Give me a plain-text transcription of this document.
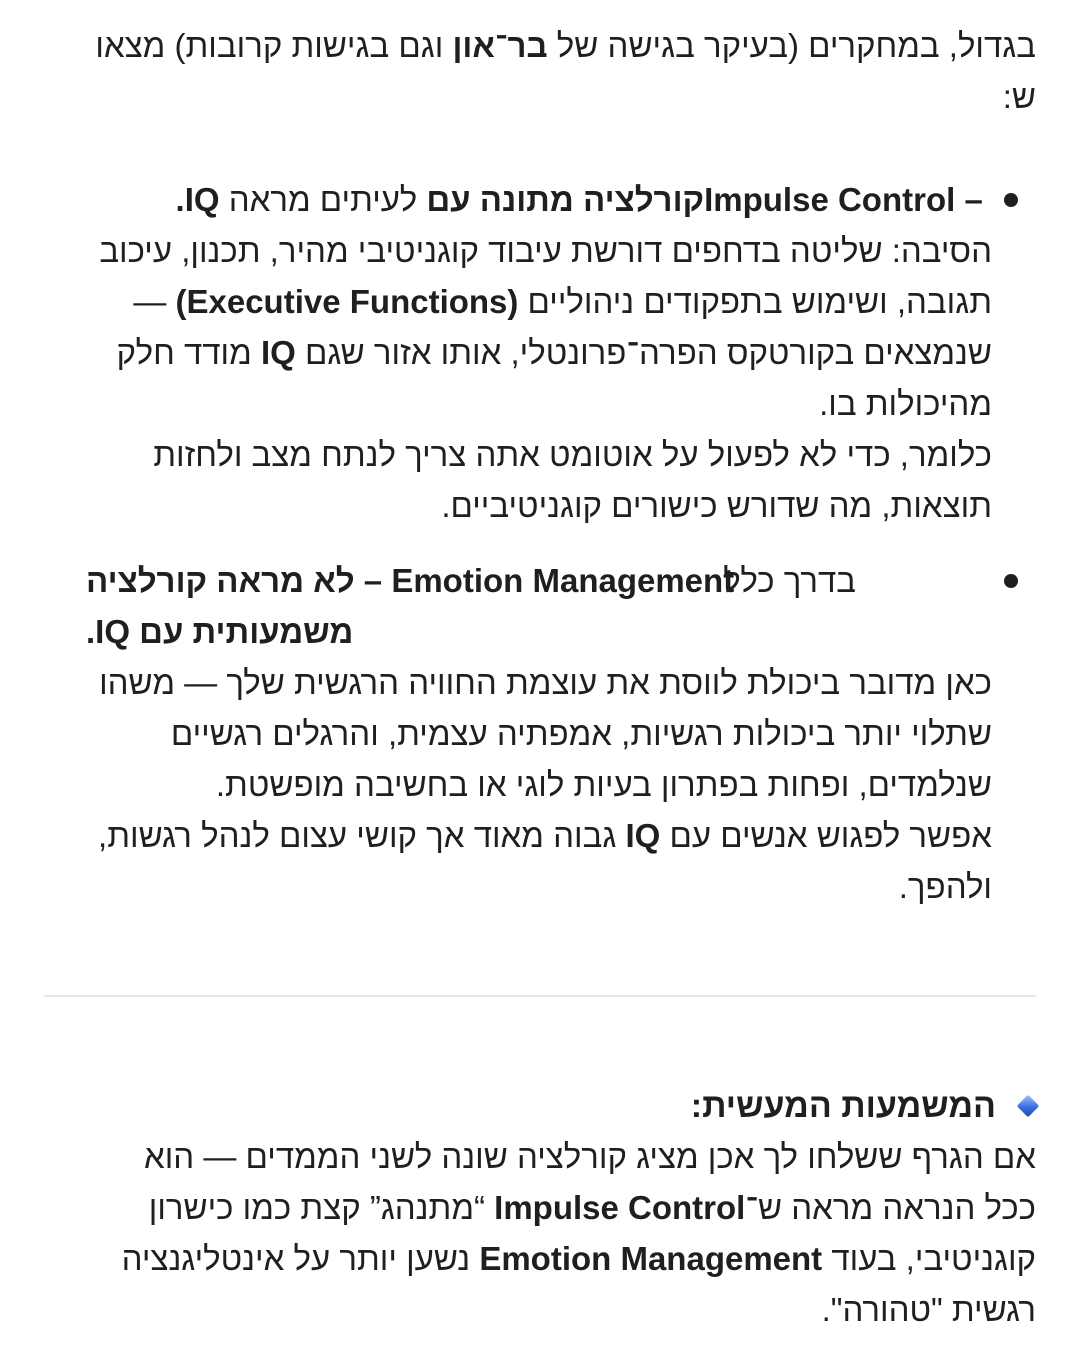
בגדול, במחקרים (בעיקר בגישה של בר־און וגם בגישות קרובות) מצאו
ש:
Impulse Control – קורלציה מתונה עם לעיתים מראה IQ.
הסיבה: שליטה בדחפים דורשת עיבוד קוגניטיבי מהיר, תכנון, עיכוב
תגובה, ושימוש בתפקודים ניהוליים (Executive Functions) —
שנמצאים בקורטקס הפרה־פרונטלי, אותו אזור שגם IQ מודד חלק
מהיכולות בו.
כלומר, כדי לא לפעול על אוטומט אתה צריך לנתח מצב ולחזות
תוצאות, מה שדורש כישורים קוגניטיביים.
בדרך כלל
Emotion Management – לא מראה קורלציה
משמעותית עם IQ.
כאן מדובר ביכולת לווסת את עוצמת החוויה הרגשית שלך — משהו
שתלוי יותר ביכולות רגשיות, אמפתיה עצמית, והרגלים רגשיים
שנלמדים, ופחות בפתרון בעיות לוגי או בחשיבה מופשטת.
אפשר לפגוש אנשים עם IQ גבוה מאוד אך קושי עצום לנהל רגשות,
ולהפך.
המשמעות המעשית:
אם הגרף ששלחו לך אכן מציג קורלציה שונה לשני הממדים — הוא
ככל הנראה מראה ש־Impulse Control “מתנהג” קצת כמו כישרון
קוגניטיבי, בעוד Emotion Management נשען יותר על אינטליגנציה
רגשית "טהורה".
